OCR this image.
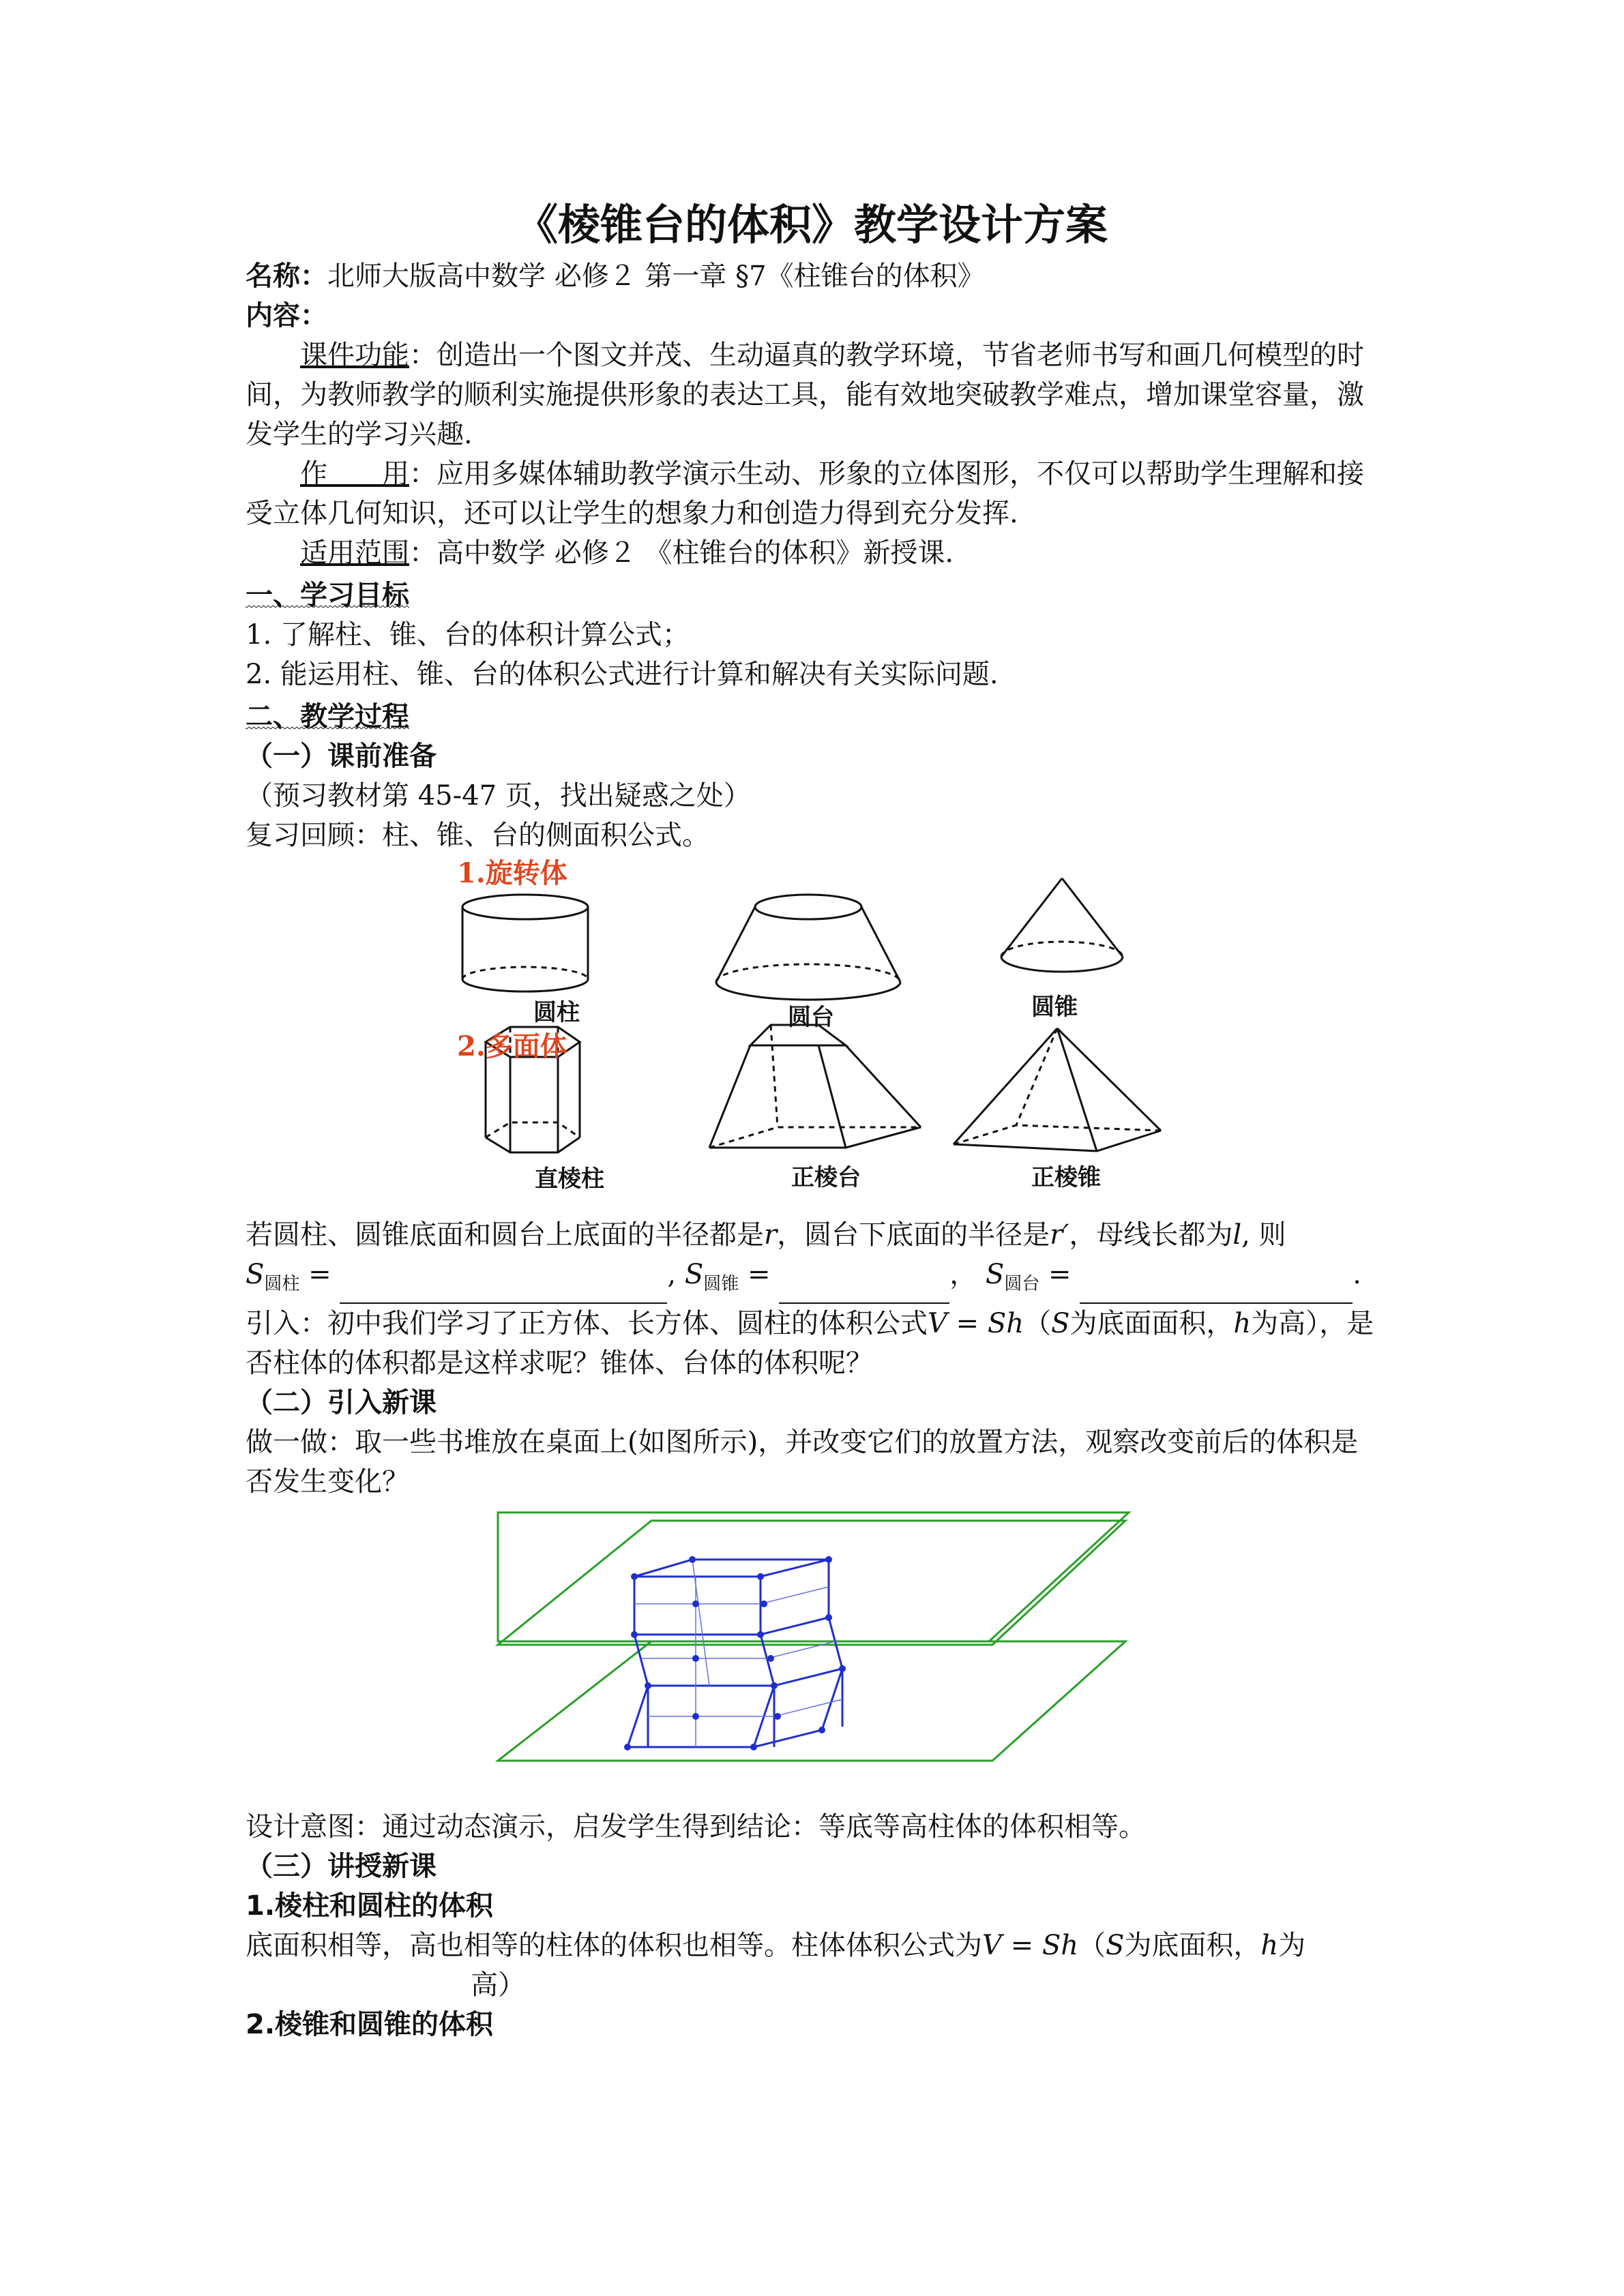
《棱锥台的体积》教学设计方案

名称：北师大版高中数学 必修２ 第一章 §7《柱锥台的体积》

内容：

课件功能：创造出一个图文并茂、生动逼真的教学环境，节省老师书写和画几何模型的时间，为教师教学的顺利实施提供形象的表达工具，能有效地突破教学难点，增加课堂容量，激发学生的学习兴趣.

作　　用：应用多媒体辅助教学演示生动、形象的立体图形，不仅可以帮助学生理解和接受立体几何知识，还可以让学生的想象力和创造力得到充分发挥.

适用范围：高中数学 必修２ 《柱锥台的体积》新授课.

一、学习目标

1. 了解柱、锥、台的体积计算公式；

2. 能运用柱、锥、台的体积公式进行计算和解决有关实际问题.

二、教学过程

（一）课前准备

（预习教材第 45-47 页，找出疑惑之处）

复习回顾：柱、锥、台的侧面积公式。

1.旋转体
圆柱	圆台	圆锥
2.多面体
直棱柱	正棱台	正棱锥

若圆柱、圆锥底面和圆台上底面的半径都是r，圆台下底面的半径是r′，母线长都为l, 则

$S_{圆柱}$ =	, $S_{圆锥}$ =	， $S_{圆台}$ =	.

引入：初中我们学习了正方体、长方体、圆柱的体积公式V = Sh（S为底面面积，h为高），是否柱体的体积都是这样求呢？锥体、台体的体积呢？

（二）引入新课

做一做：取一些书堆放在桌面上(如图所示)，并改变它们的放置方法，观察改变前后的体积是否发生变化？

设计意图：通过动态演示，启发学生得到结论：等底等高柱体的体积相等。

（三）讲授新课

1.棱柱和圆柱的体积

底面积相等，高也相等的柱体的体积也相等。柱体体积公式为V = Sh（S为底面积，h为

高）

2.棱锥和圆锥的体积
